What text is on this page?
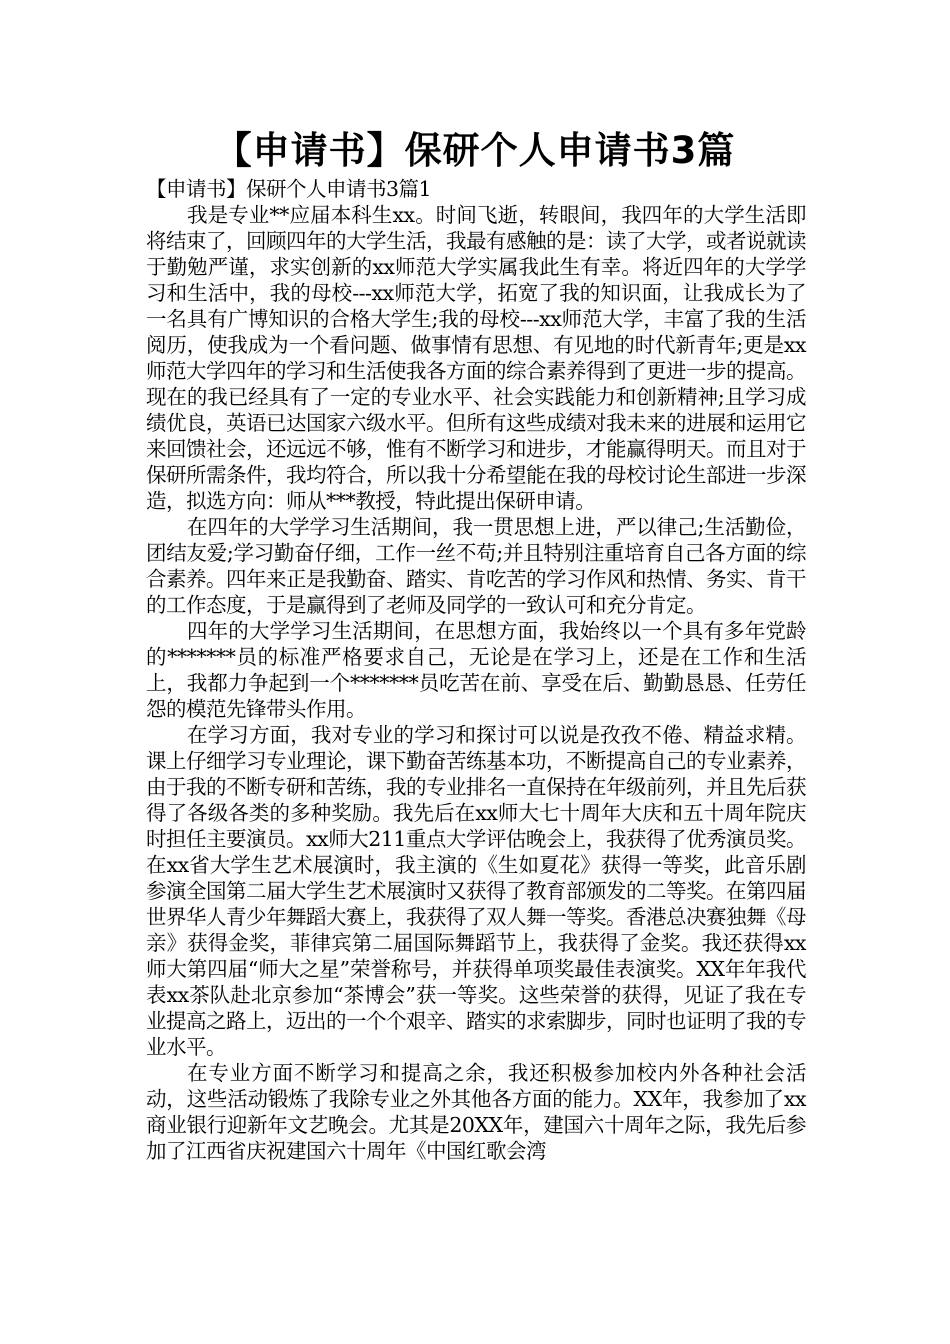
【申请书】保研个人申请书3篇

【申请书】保研个人申请书3篇1

我是专业**应届本科生xx。时间飞逝，转眼间，我四年的大学生活即将结束了，回顾四年的大学生活，我最有感触的是：读了大学，或者说就读于勤勉严谨，求实创新的xx师范大学实属我此生有幸。将近四年的大学学习和生活中，我的母校---xx师范大学，拓宽了我的知识面，让我成长为了一名具有广博知识的合格大学生;我的母校---xx师范大学，丰富了我的生活阅历，使我成为一个看问题、做事情有思想、有见地的时代新青年;更是xx师范大学四年的学习和生活使我各方面的综合素养得到了更进一步的提高。现在的我已经具有了一定的专业水平、社会实践能力和创新精神;且学习成绩优良，英语已达国家六级水平。但所有这些成绩对我未来的进展和运用它来回馈社会，还远远不够，惟有不断学习和进步，才能赢得明天。而且对于保研所需条件，我均符合，所以我十分希望能在我的母校讨论生部进一步深造，拟选方向：师从***教授，特此提出保研申请。

在四年的大学学习生活期间，我一贯思想上进，严以律己;生活勤俭，团结友爱;学习勤奋仔细，工作一丝不苟;并且特别注重培育自己各方面的综合素养。四年来正是我勤奋、踏实、肯吃苦的学习作风和热情、务实、肯干的工作态度，于是赢得到了老师及同学的一致认可和充分肯定。

四年的大学学习生活期间，在思想方面，我始终以一个具有多年党龄的*******员的标准严格要求自己，无论是在学习上，还是在工作和生活上，我都力争起到一个*******员吃苦在前、享受在后、勤勤恳恳、任劳任怨的模范先锋带头作用。

在学习方面，我对专业的学习和探讨可以说是孜孜不倦、精益求精。课上仔细学习专业理论，课下勤奋苦练基本功，不断提高自己的专业素养，由于我的不断专研和苦练，我的专业排名一直保持在年级前列，并且先后获得了各级各类的多种奖励。我先后在xx师大七十周年大庆和五十周年院庆时担任主要演员。xx师大211重点大学评估晚会上，我获得了优秀演员奖。在xx省大学生艺术展演时，我主演的《生如夏花》获得一等奖，此音乐剧参演全国第二届大学生艺术展演时又获得了教育部颁发的二等奖。在第四届世界华人青少年舞蹈大赛上，我获得了双人舞一等奖。香港总决赛独舞《母亲》获得金奖，菲律宾第二届国际舞蹈节上，我获得了金奖。我还获得xx师大第四届“师大之星”荣誉称号，并获得单项奖最佳表演奖。XX年年我代表xx茶队赴北京参加“茶博会”获一等奖。这些荣誉的获得，见证了我在专业提高之路上，迈出的一个个艰辛、踏实的求索脚步，同时也证明了我的专业水平。

在专业方面不断学习和提高之余，我还积极参加校内外各种社会活动，这些活动锻炼了我除专业之外其他各方面的能力。XX年，我参加了xx商业银行迎新年文艺晚会。尤其是20XX年，建国六十周年之际，我先后参加了江西省庆祝建国六十周年《中国红歌会湾
